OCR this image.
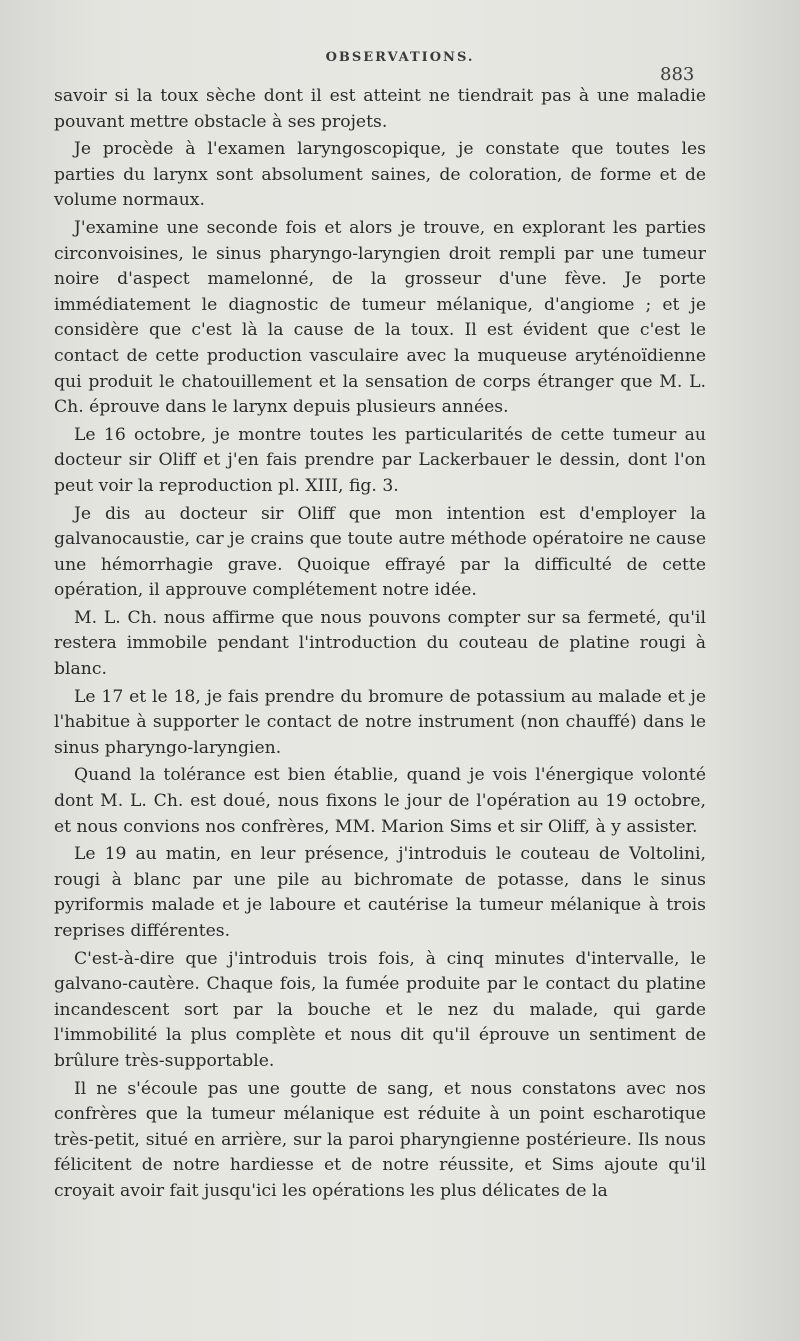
OBSERVATIONS.
883

savoir si la toux sèche dont il est atteint ne tiendrait pas à une maladie pouvant mettre obstacle à ses projets.

Je procède à l'examen laryngoscopique, je constate que toutes les parties du larynx sont absolument saines, de coloration, de forme et de volume normaux.

J'examine une seconde fois et alors je trouve, en explorant les parties circonvoisines, le sinus pharyngo-laryngien droit rempli par une tumeur noire d'aspect mamelonné, de la grosseur d'une fève. Je porte immédiatement le diagnostic de tumeur mélanique, d'angiome ; et je considère que c'est là la cause de la toux. Il est évident que c'est le contact de cette production vasculaire avec la muqueuse aryténoïdienne qui produit le chatouillement et la sensation de corps étranger que M. L. Ch. éprouve dans le larynx depuis plusieurs années.

Le 16 octobre, je montre toutes les particularités de cette tumeur au docteur sir Oliff et j'en fais prendre par Lackerbauer le dessin, dont l'on peut voir la reproduction pl. XIII, fig. 3.

Je dis au docteur sir Oliff que mon intention est d'employer la galvanocaustie, car je crains que toute autre méthode opératoire ne cause une hémorrhagie grave. Quoique effrayé par la difficulté de cette opération, il approuve complétement notre idée.

M. L. Ch. nous affirme que nous pouvons compter sur sa fermeté, qu'il restera immobile pendant l'introduction du couteau de platine rougi à blanc.

Le 17 et le 18, je fais prendre du bromure de potassium au malade et je l'habitue à supporter le contact de notre instrument (non chauffé) dans le sinus pharyngo-laryngien.

Quand la tolérance est bien établie, quand je vois l'énergique volonté dont M. L. Ch. est doué, nous fixons le jour de l'opération au 19 octobre, et nous convions nos confrères, MM. Marion Sims et sir Oliff, à y assister.

Le 19 au matin, en leur présence, j'introduis le couteau de Voltolini, rougi à blanc par une pile au bichromate de potasse, dans le sinus pyriformis malade et je laboure et cautérise la tumeur mélanique à trois reprises différentes.

C'est-à-dire que j'introduis trois fois, à cinq minutes d'intervalle, le galvano-cautère. Chaque fois, la fumée produite par le contact du platine incandescent sort par la bouche et le nez du malade, qui garde l'immobilité la plus complète et nous dit qu'il éprouve un sentiment de brûlure très-supportable.

Il ne s'écoule pas une goutte de sang, et nous constatons avec nos confrères que la tumeur mélanique est réduite à un point escharotique très-petit, situé en arrière, sur la paroi pharyngienne postérieure. Ils nous félicitent de notre hardiesse et de notre réussite, et Sims ajoute qu'il croyait avoir fait jusqu'ici les opérations les plus délicates de la
